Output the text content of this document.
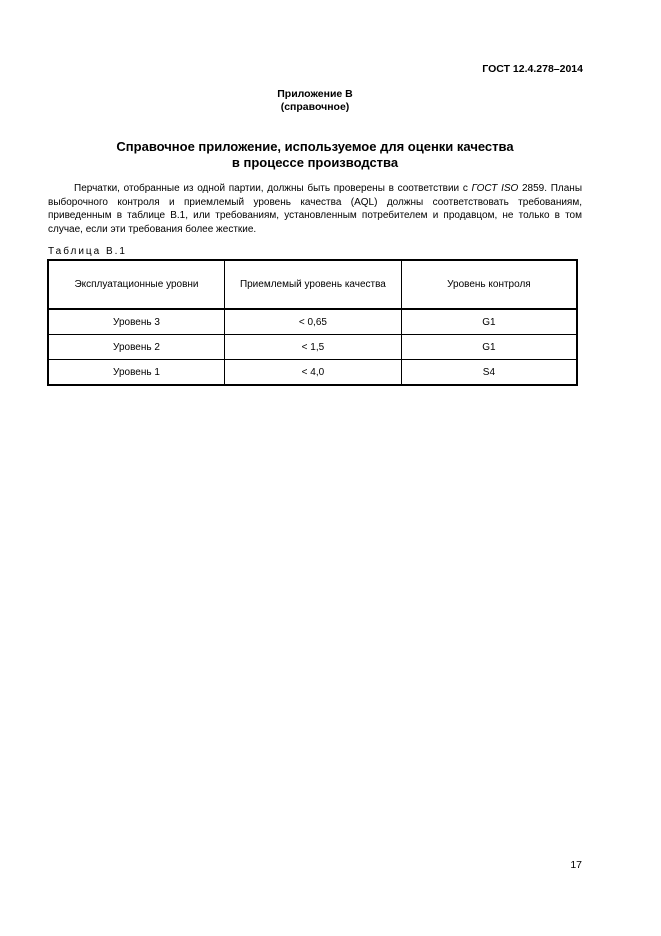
ГОСТ 12.4.278–2014
Приложение В
(справочное)
Справочное приложение, используемое для оценки качества
в процессе производства
Перчатки, отобранные из одной партии, должны быть проверены в соответствии с ГОСТ ISO 2859. Планы выборочного контроля и приемлемый уровень качества (AQL) должны соответствовать требованиям, приведенным в таблице В.1, или требованиям, установленным потребителем и продавцом, не только в том случае, если эти требования более жесткие.
Таблица В.1
Эксплуатационные уровни	Приемлемый уровень качества	Уровень контроля
Уровень 3	< 0,65	G1
Уровень 2	< 1,5	G1
Уровень 1	< 4,0	S4
17
